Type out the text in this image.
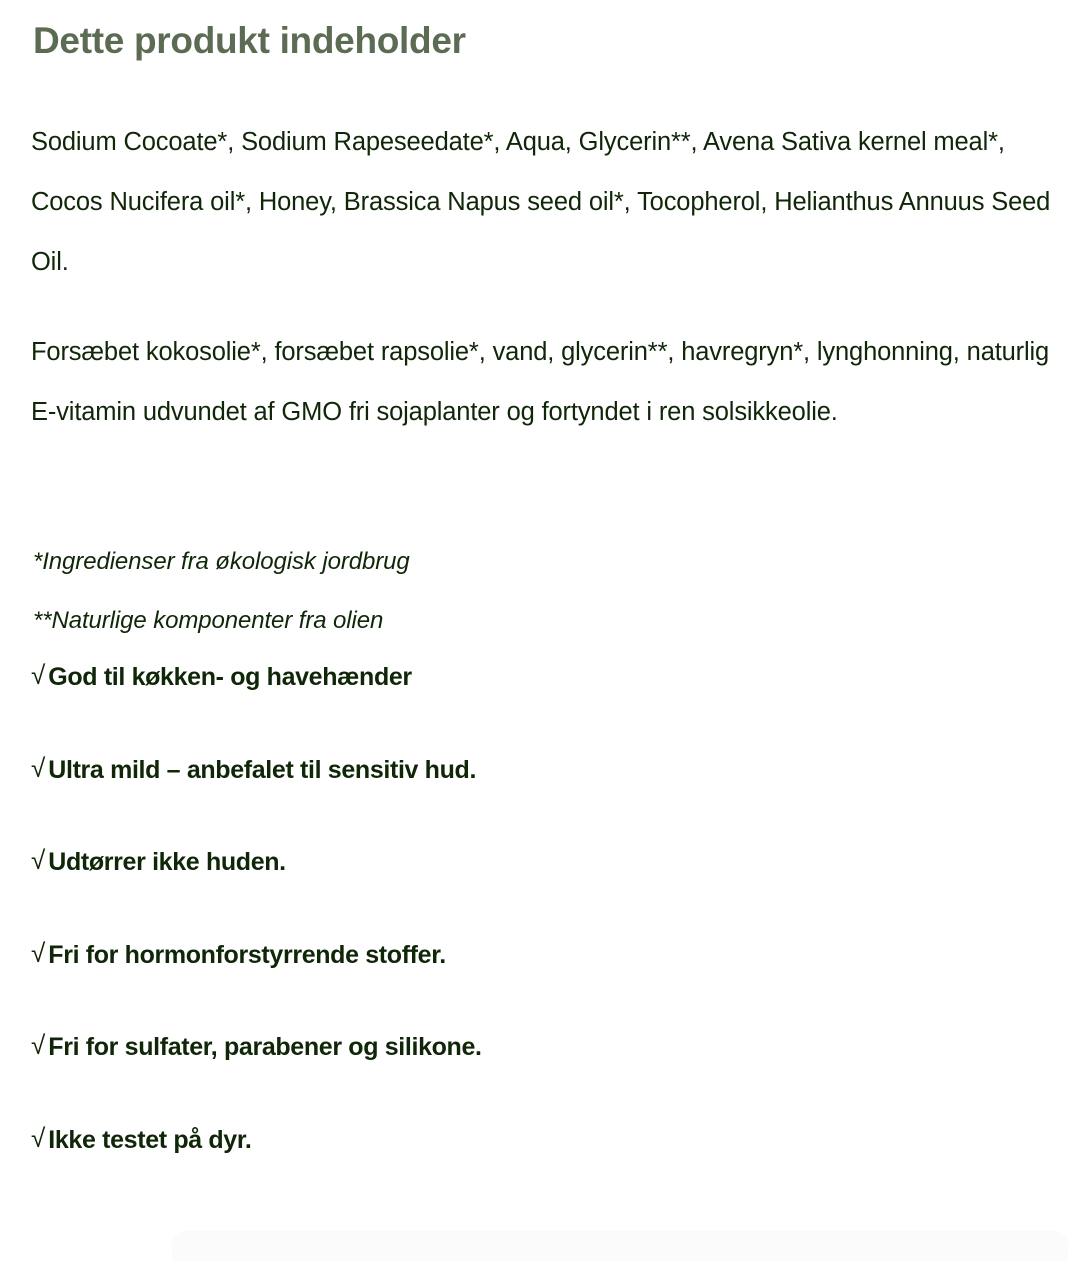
Dette produkt indeholder

Sodium Cocoate*, Sodium Rapeseedate*, Aqua, Glycerin**, Avena Sativa kernel meal*, Cocos Nucifera oil*, Honey, Brassica Napus seed oil*, Tocopherol, Helianthus Annuus Seed Oil.

Forsæbet kokosolie*, forsæbet rapsolie*, vand, glycerin**, havregryn*, lynghonning, naturlig E-vitamin udvundet af GMO fri sojaplanter og fortyndet i ren solsikkeolie.

*Ingredienser fra økologisk jordbrug

**Naturlige komponenter fra olien

√ God til køkken- og havehænder
√ Ultra mild – anbefalet til sensitiv hud.
√ Udtørrer ikke huden.
√ Fri for hormonforstyrrende stoffer.
√ Fri for sulfater, parabener og silikone.
√ Ikke testet på dyr.
